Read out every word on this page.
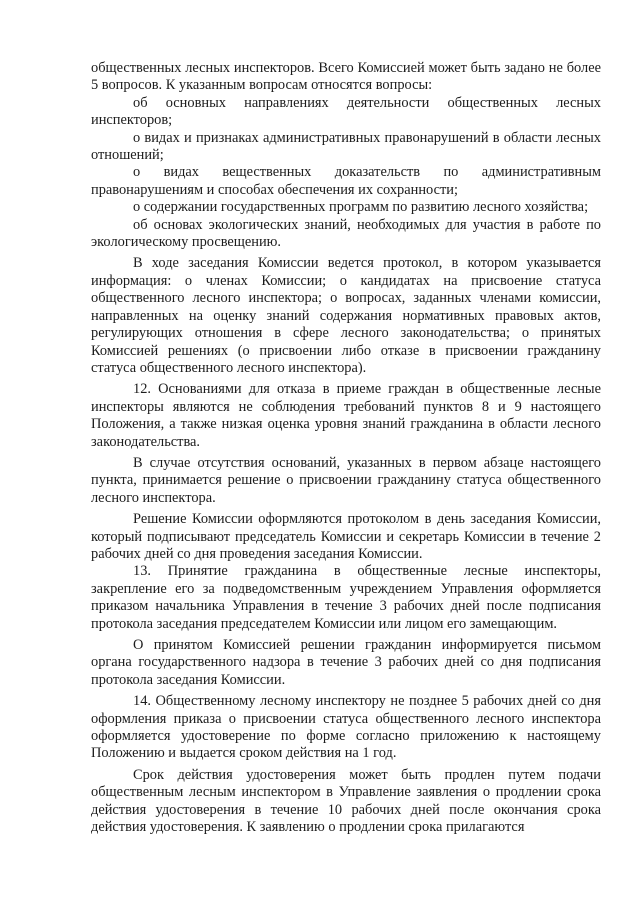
общественных лесных инспекторов. Всего Комиссией может быть задано не более 5 вопросов. К указанным вопросам относятся вопросы:

об основных направлениях деятельности общественных лесных инспекторов;

о видах и признаках административных правонарушений в области лесных отношений;

о видах вещественных доказательств по административным правонарушениям и способах обеспечения их сохранности;

о содержании государственных программ по развитию лесного хозяйства;

об основах экологических знаний, необходимых для участия в работе по экологическому просвещению.

В ходе заседания Комиссии ведется протокол, в котором указывается информация: о членах Комиссии; о кандидатах на присвоение статуса общественного лесного инспектора; о вопросах, заданных членами комиссии, направленных на оценку знаний содержания нормативных правовых актов, регулирующих отношения в сфере лесного законодательства; о принятых Комиссией решениях (о присвоении либо отказе в присвоении гражданину статуса общественного лесного инспектора).

12. Основаниями для отказа в приеме граждан в общественные лесные инспекторы являются не соблюдения требований пунктов 8 и 9 настоящего Положения, а также низкая оценка уровня знаний гражданина в области лесного законодательства.

В случае отсутствия оснований, указанных в первом абзаце настоящего пункта, принимается решение о присвоении гражданину статуса общественного лесного инспектора.

Решение Комиссии оформляются протоколом в день заседания Комиссии, который подписывают председатель Комиссии и секретарь Комиссии в течение 2 рабочих дней со дня проведения заседания Комиссии.

13. Принятие гражданина в общественные лесные инспекторы, закрепление его за подведомственным учреждением Управления оформляется приказом начальника Управления в течение 3 рабочих дней после подписания протокола заседания председателем Комиссии или лицом его замещающим.

О принятом Комиссией решении гражданин информируется письмом органа государственного надзора в течение 3 рабочих дней со дня подписания протокола заседания Комиссии.

14. Общественному лесному инспектору не позднее 5 рабочих дней со дня оформления приказа о присвоении статуса общественного лесного инспектора оформляется удостоверение по форме согласно приложению к настоящему Положению и выдается сроком действия на 1 год.

Срок действия удостоверения может быть продлен путем подачи общественным лесным инспектором в Управление заявления о продлении срока действия удостоверения в течение 10 рабочих дней после окончания срока действия удостоверения. К заявлению о продлении срока прилагаются
